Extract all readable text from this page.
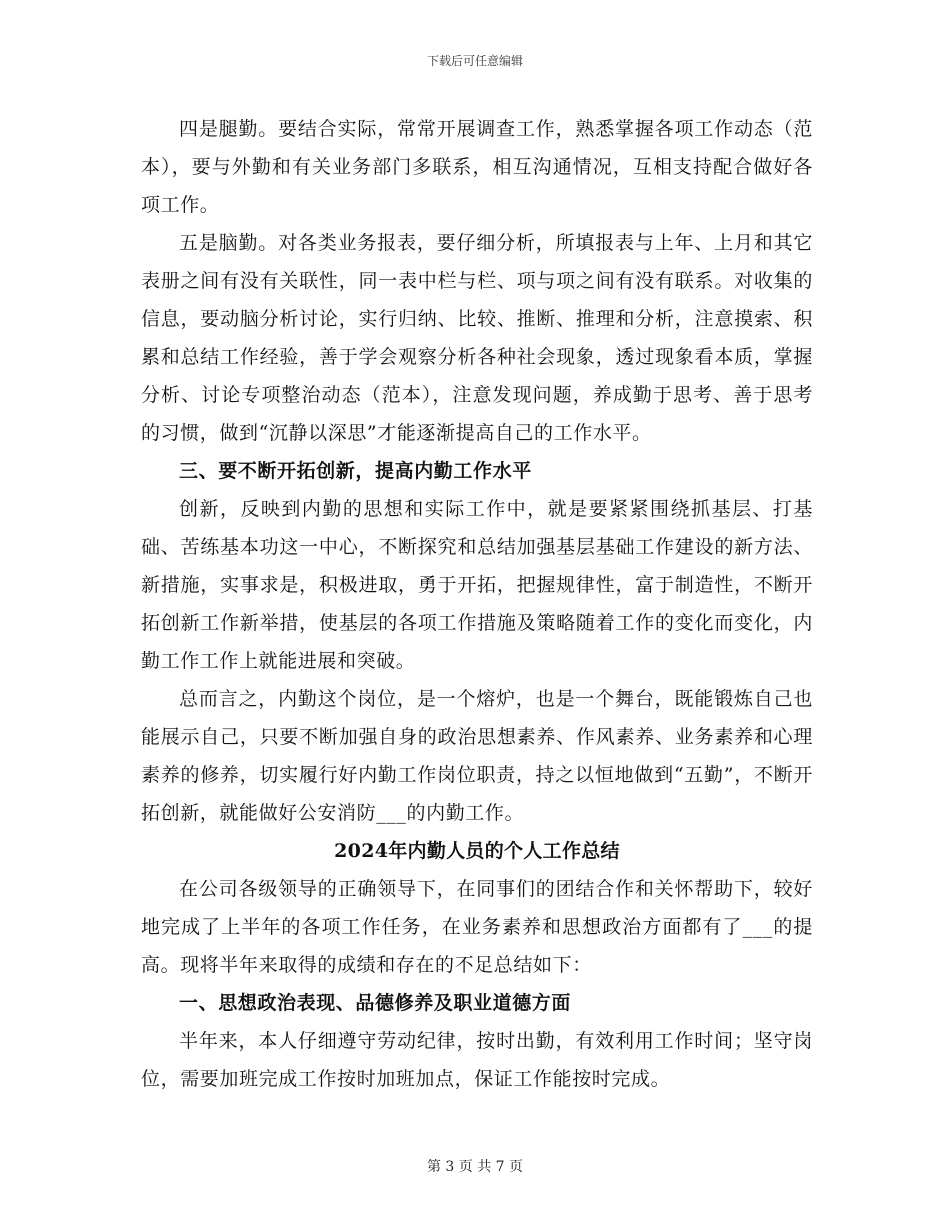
下载后可任意编辑

四是腿勤。要结合实际，常常开展调查工作，熟悉掌握各项工作动态（范本），要与外勤和有关业务部门多联系，相互沟通情况，互相支持配合做好各项工作。

五是脑勤。对各类业务报表，要仔细分析，所填报表与上年、上月和其它表册之间有没有关联性，同一表中栏与栏、项与项之间有没有联系。对收集的信息，要动脑分析讨论，实行归纳、比较、推断、推理和分析，注意摸索、积累和总结工作经验，善于学会观察分析各种社会现象，透过现象看本质，掌握分析、讨论专项整治动态（范本），注意发现问题，养成勤于思考、善于思考的习惯，做到“沉静以深思”才能逐渐提高自己的工作水平。

三、要不断开拓创新，提高内勤工作水平

创新，反映到内勤的思想和实际工作中，就是要紧紧围绕抓基层、打基础、苦练基本功这一中心，不断探究和总结加强基层基础工作建设的新方法、新措施，实事求是，积极进取，勇于开拓，把握规律性，富于制造性，不断开拓创新工作新举措，使基层的各项工作措施及策略随着工作的变化而变化，内勤工作工作上就能进展和突破。

总而言之，内勤这个岗位，是一个熔炉，也是一个舞台，既能锻炼自己也能展示自己，只要不断加强自身的政治思想素养、作风素养、业务素养和心理素养的修养，切实履行好内勤工作岗位职责，持之以恒地做到“五勤”，不断开拓创新，就能做好公安消防___的内勤工作。

2024年内勤人员的个人工作总结

在公司各级领导的正确领导下，在同事们的团结合作和关怀帮助下，较好地完成了上半年的各项工作任务，在业务素养和思想政治方面都有了___的提高。现将半年来取得的成绩和存在的不足总结如下：

一、思想政治表现、品德修养及职业道德方面

半年来，本人仔细遵守劳动纪律，按时出勤，有效利用工作时间；坚守岗位，需要加班完成工作按时加班加点，保证工作能按时完成。

第 3 页 共 7 页
